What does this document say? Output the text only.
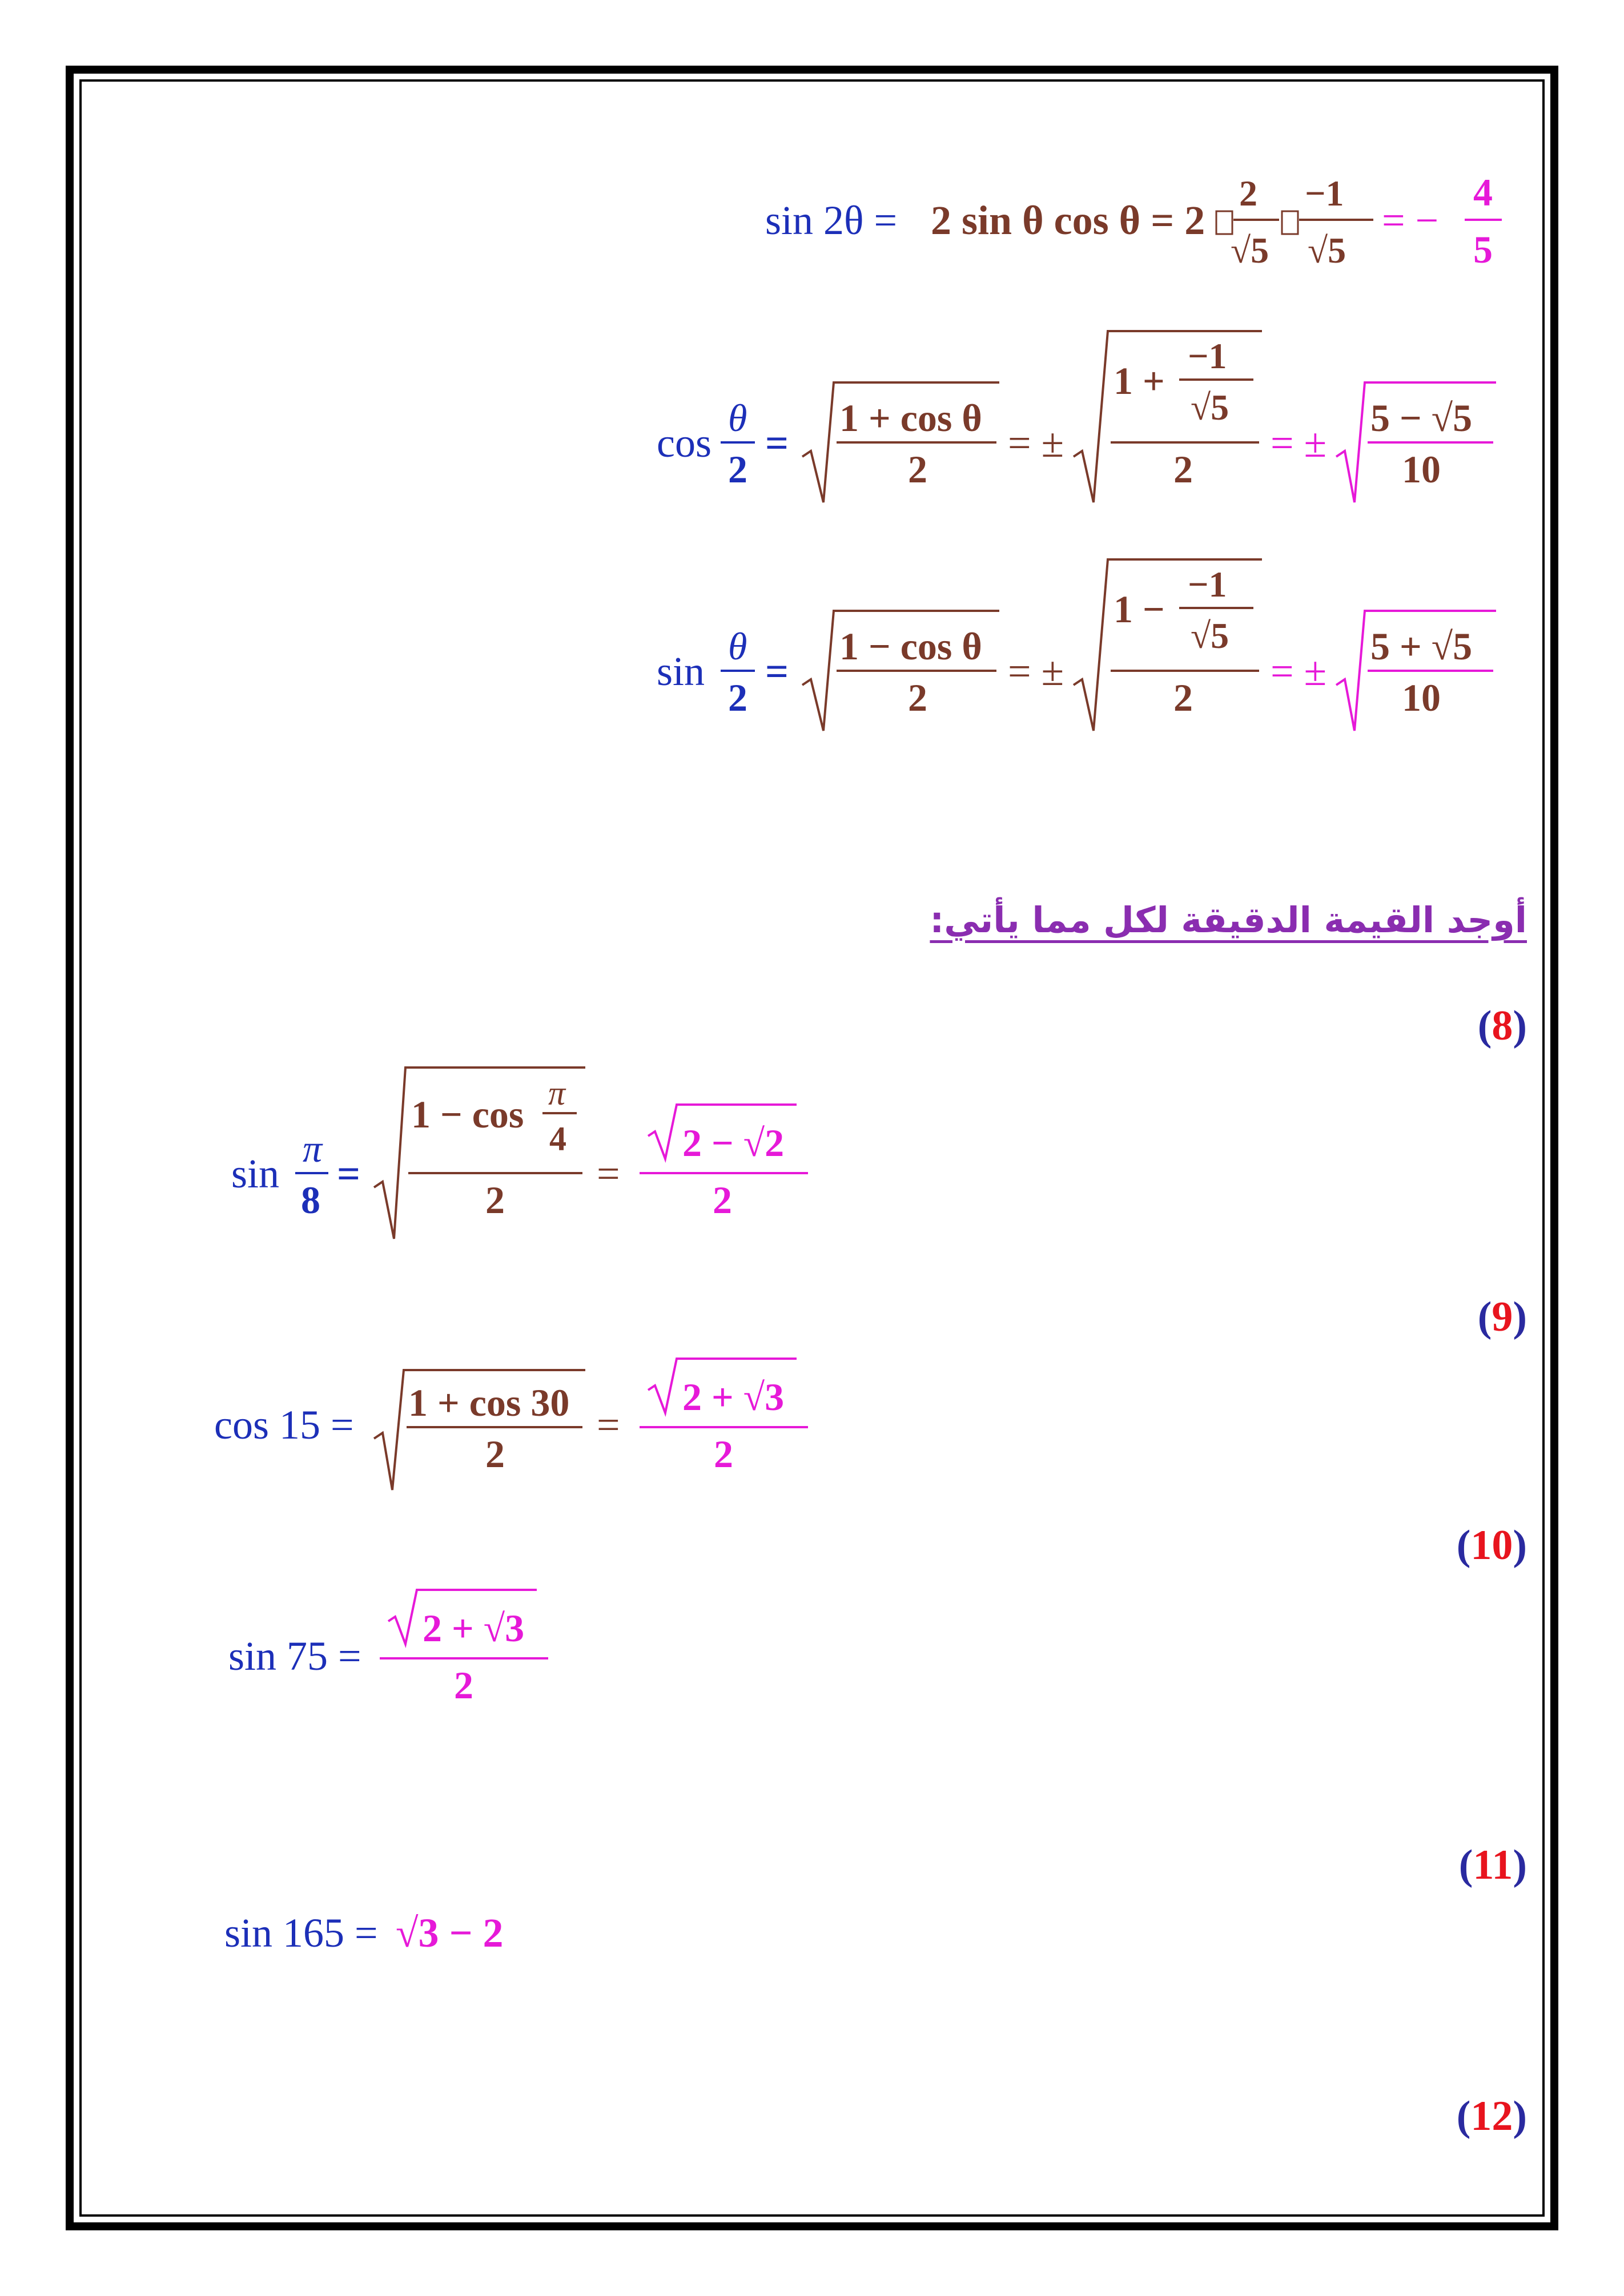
sin 2θ = 2 sin θ cos θ = 2
2
√5
−1
√5
= −
4
5
cos
θ
2
=
1 + cos θ
2
= ±
1 +
−1
√5
2
= ±
5 − √5
10
sin
θ
2
=
1 − cos θ
2
= ±
1 −
−1
√5
2
= ±
5 + √5
10
أوجد القيمة الدقيقة لكل مما يأتي:
(8)
(9)
(10)
(11)
(12)
sin
π
8
=
1 − cos π
4
2
=
2 − √2
2
cos 15 = 1 + cos 30
2
=
2 + √3
2
sin 75 =
2 + √3
2
sin 165 = √3 − 2
